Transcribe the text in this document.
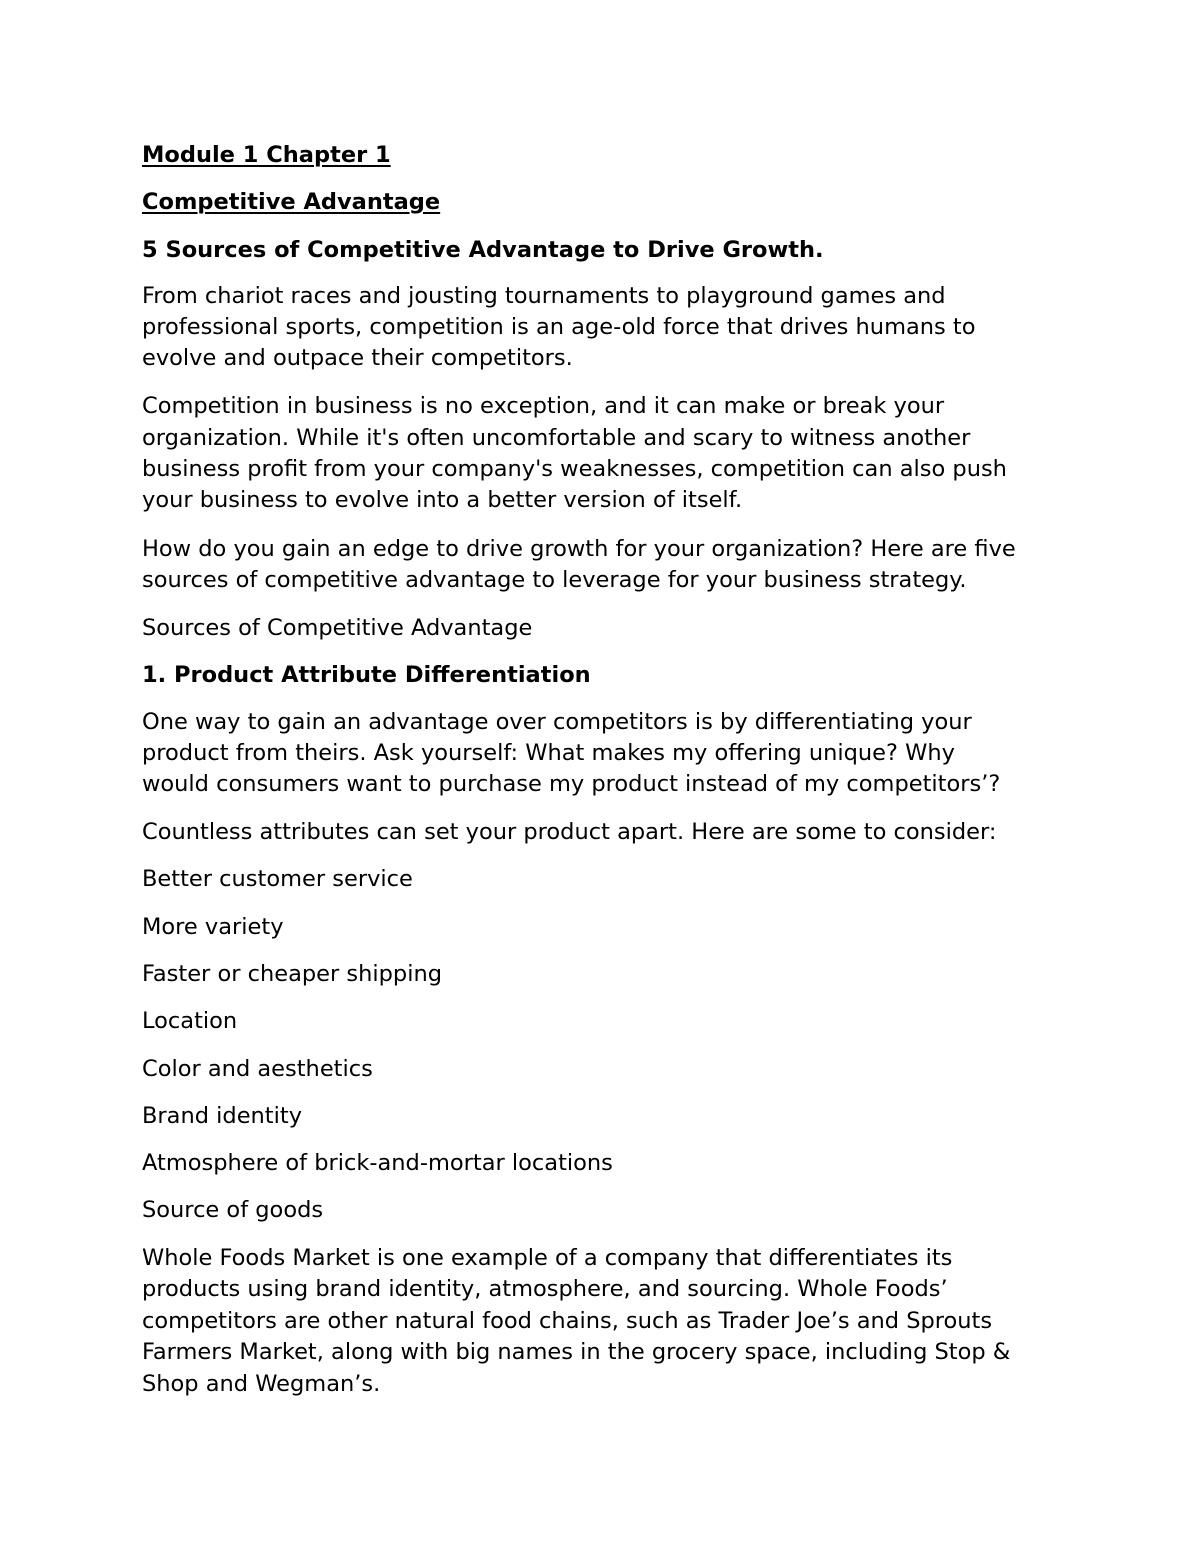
Module 1 Chapter 1

Competitive Advantage

5 Sources of Competitive Advantage to Drive Growth.

From chariot races and jousting tournaments to playground games and

professional sports, competition is an age-old force that drives humans to

evolve and outpace their competitors.

Competition in business is no exception, and it can make or break your

organization. While it's often uncomfortable and scary to witness another

business profit from your company's weaknesses, competition can also push

your business to evolve into a better version of itself.

How do you gain an edge to drive growth for your organization? Here are five

sources of competitive advantage to leverage for your business strategy.

Sources of Competitive Advantage

1. Product Attribute Differentiation

One way to gain an advantage over competitors is by differentiating your

product from theirs. Ask yourself: What makes my offering unique? Why

would consumers want to purchase my product instead of my competitors’?

Countless attributes can set your product apart. Here are some to consider:

Better customer service

More variety

Faster or cheaper shipping

Location

Color and aesthetics

Brand identity

Atmosphere of brick-and-mortar locations

Source of goods

Whole Foods Market is one example of a company that differentiates its

products using brand identity, atmosphere, and sourcing. Whole Foods’

competitors are other natural food chains, such as Trader Joe’s and Sprouts

Farmers Market, along with big names in the grocery space, including Stop &

Shop and Wegman’s.
